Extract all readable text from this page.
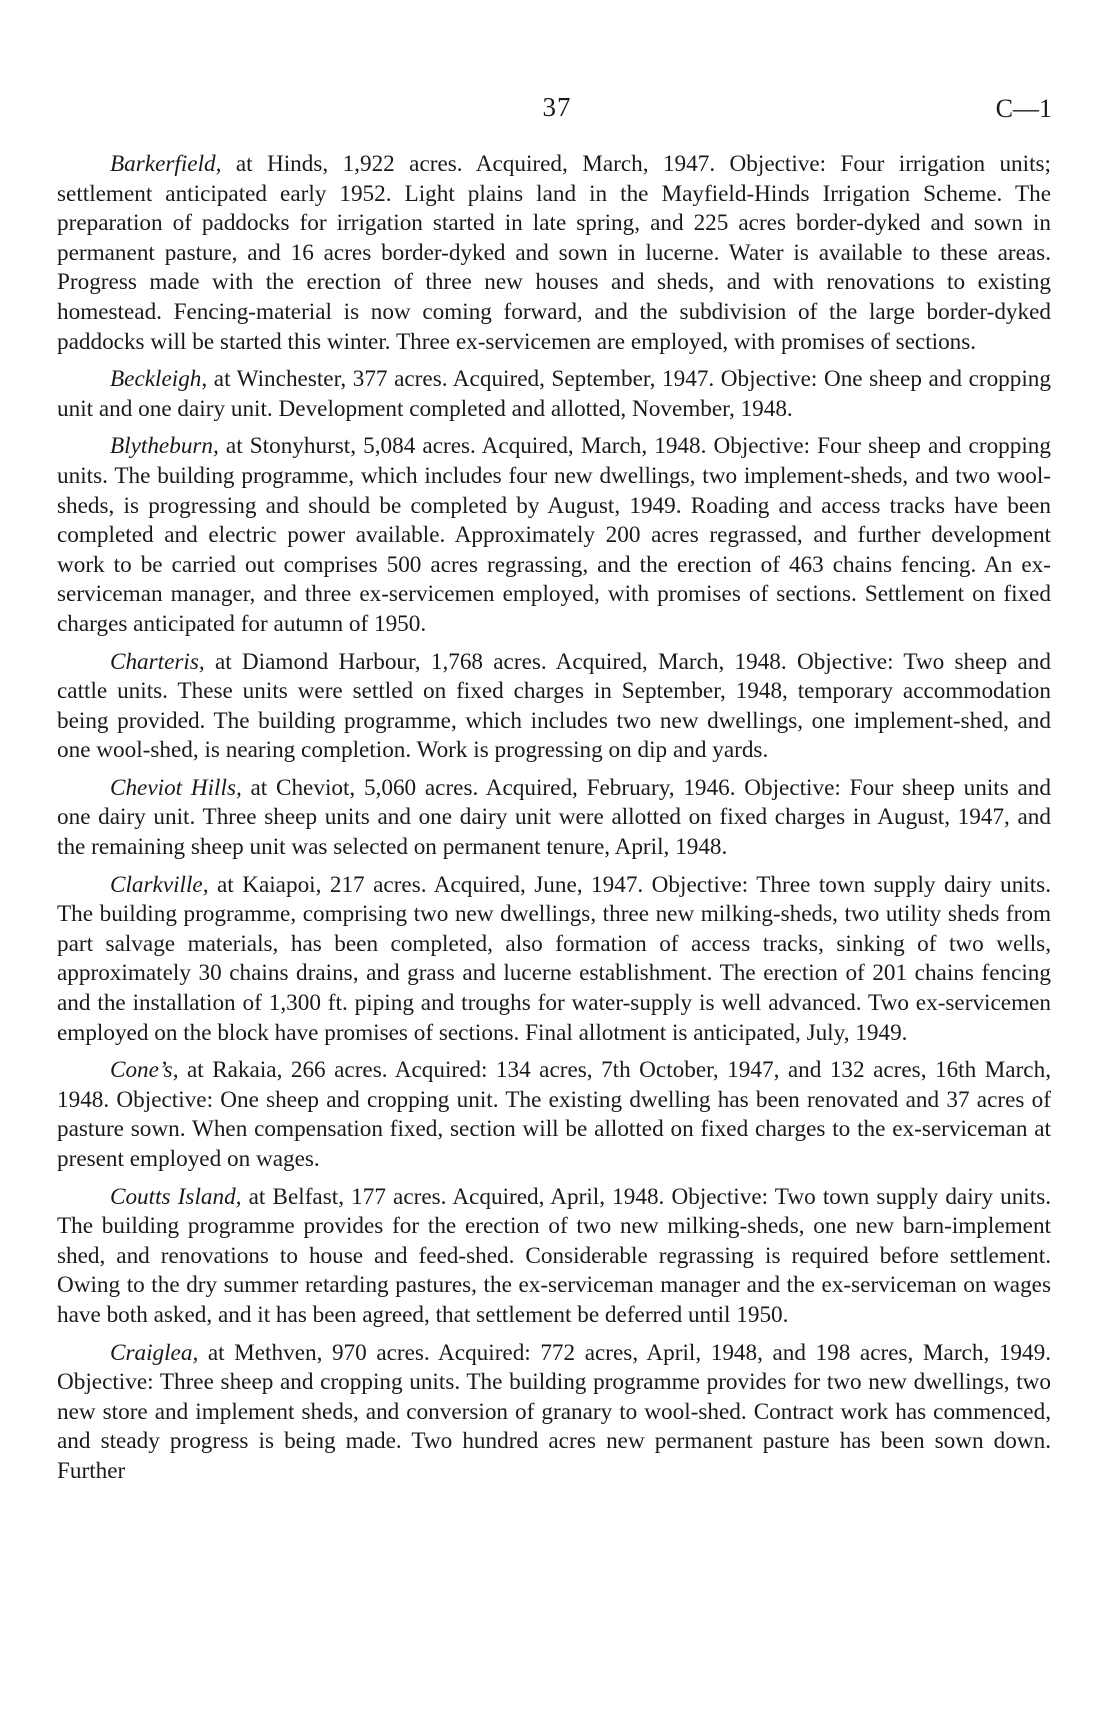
37	C—1

Barkerfield, at Hinds, 1,922 acres. Acquired, March, 1947. Objective: Four irrigation units; settlement anticipated early 1952. Light plains land in the Mayfield-Hinds Irrigation Scheme. The preparation of paddocks for irrigation started in late spring, and 225 acres border-dyked and sown in permanent pasture, and 16 acres border-dyked and sown in lucerne. Water is available to these areas. Progress made with the erection of three new houses and sheds, and with renovations to existing homestead. Fencing-material is now coming forward, and the subdivision of the large border-dyked paddocks will be started this winter. Three ex-servicemen are employed, with promises of sections.

Beckleigh, at Winchester, 377 acres. Acquired, September, 1947. Objective: One sheep and cropping unit and one dairy unit. Development completed and allotted, November, 1948.

Blytheburn, at Stonyhurst, 5,084 acres. Acquired, March, 1948. Objective: Four sheep and cropping units. The building programme, which includes four new dwellings, two implement-sheds, and two wool-sheds, is progressing and should be completed by August, 1949. Roading and access tracks have been completed and electric power available. Approximately 200 acres regrassed, and further development work to be carried out comprises 500 acres regrassing, and the erection of 463 chains fencing. An ex-serviceman manager, and three ex-servicemen employed, with promises of sections. Settlement on fixed charges anticipated for autumn of 1950.

Charteris, at Diamond Harbour, 1,768 acres. Acquired, March, 1948. Objective: Two sheep and cattle units. These units were settled on fixed charges in September, 1948, temporary accommodation being provided. The building programme, which includes two new dwellings, one implement-shed, and one wool-shed, is nearing completion. Work is progressing on dip and yards.

Cheviot Hills, at Cheviot, 5,060 acres. Acquired, February, 1946. Objective: Four sheep units and one dairy unit. Three sheep units and one dairy unit were allotted on fixed charges in August, 1947, and the remaining sheep unit was selected on permanent tenure, April, 1948.

Clarkville, at Kaiapoi, 217 acres. Acquired, June, 1947. Objective: Three town supply dairy units. The building programme, comprising two new dwellings, three new milking-sheds, two utility sheds from part salvage materials, has been completed, also formation of access tracks, sinking of two wells, approximately 30 chains drains, and grass and lucerne establishment. The erection of 201 chains fencing and the installation of 1,300 ft. piping and troughs for water-supply is well advanced. Two ex-servicemen employed on the block have promises of sections. Final allotment is anticipated, July, 1949.

Cone’s, at Rakaia, 266 acres. Acquired: 134 acres, 7th October, 1947, and 132 acres, 16th March, 1948. Objective: One sheep and cropping unit. The existing dwelling has been renovated and 37 acres of pasture sown. When compensation fixed, section will be allotted on fixed charges to the ex-serviceman at present employed on wages.

Coutts Island, at Belfast, 177 acres. Acquired, April, 1948. Objective: Two town supply dairy units. The building programme provides for the erection of two new milking-sheds, one new barn-implement shed, and renovations to house and feed-shed. Considerable regrassing is required before settlement. Owing to the dry summer retarding pastures, the ex-serviceman manager and the ex-serviceman on wages have both asked, and it has been agreed, that settlement be deferred until 1950.

Craiglea, at Methven, 970 acres. Acquired: 772 acres, April, 1948, and 198 acres, March, 1949. Objective: Three sheep and cropping units. The building programme provides for two new dwellings, two new store and implement sheds, and conversion of granary to wool-shed. Contract work has commenced, and steady progress is being made. Two hundred acres new permanent pasture has been sown down. Further
